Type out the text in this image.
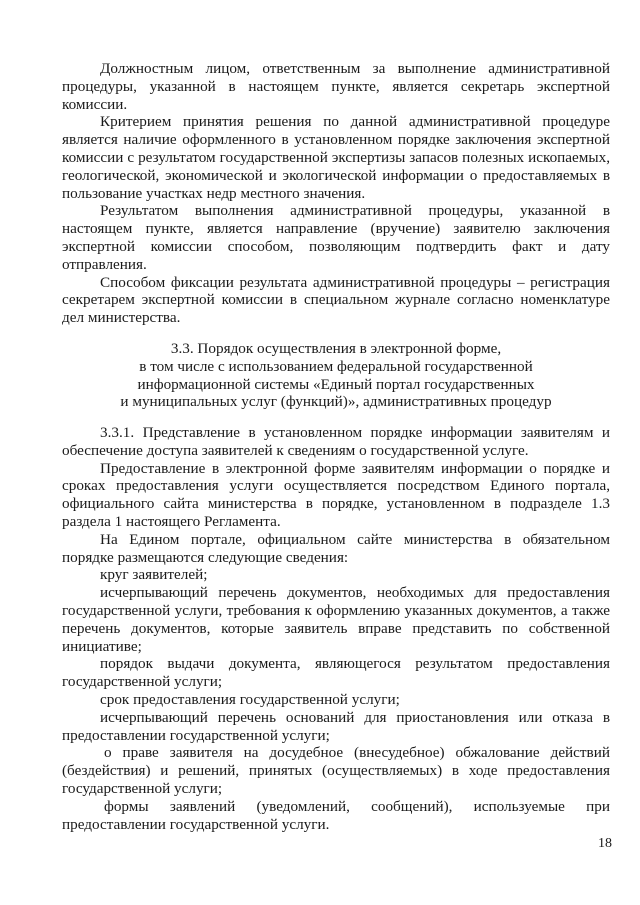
Должностным лицом, ответственным за выполнение административной процедуры, указанной в настоящем пункте, является секретарь экспертной комиссии.

Критерием принятия решения по данной административной процедуре является наличие оформленного в установленном порядке заключения экспертной комиссии с результатом государственной экспертизы запасов полезных ископаемых, геологической, экономической и экологической информации о предоставляемых в пользование участках недр местного значения.

Результатом выполнения административной процедуры, указанной в настоящем пункте, является направление (вручение) заявителю заключения экспертной комиссии способом, позволяющим подтвердить факт и дату отправления.

Способом фиксации результата административной процедуры – регистрация секретарем экспертной комиссии в специальном журнале согласно номенклатуре дел министерства.

3.3. Порядок осуществления в электронной форме,

в том числе с использованием федеральной государственной

информационной системы «Единый портал государственных

и муниципальных услуг (функций)», административных процедур

3.3.1. Представление в установленном порядке информации заявителям и обеспечение доступа заявителей к сведениям о государственной услуге.

Предоставление в электронной форме заявителям информации о порядке и сроках предоставления услуги осуществляется посредством Единого портала, официального сайта министерства в порядке, установленном в подразделе 1.3 раздела 1 настоящего Регламента.

На Едином портале, официальном сайте министерства в обязательном порядке размещаются следующие сведения:

круг заявителей;

исчерпывающий перечень документов, необходимых для предоставления государственной услуги, требования к оформлению указанных документов, а также перечень документов, которые заявитель вправе представить по собственной инициативе;

порядок выдачи документа, являющегося результатом предоставления государственной услуги;

срок предоставления государственной услуги;

исчерпывающий перечень оснований для приостановления или отказа в предоставлении государственной услуги;

о праве заявителя на досудебное (внесудебное) обжалование действий (бездействия) и решений, принятых (осуществляемых) в ходе предоставления государственной услуги;

формы заявлений (уведомлений, сообщений), используемые при предоставлении государственной услуги.

18
